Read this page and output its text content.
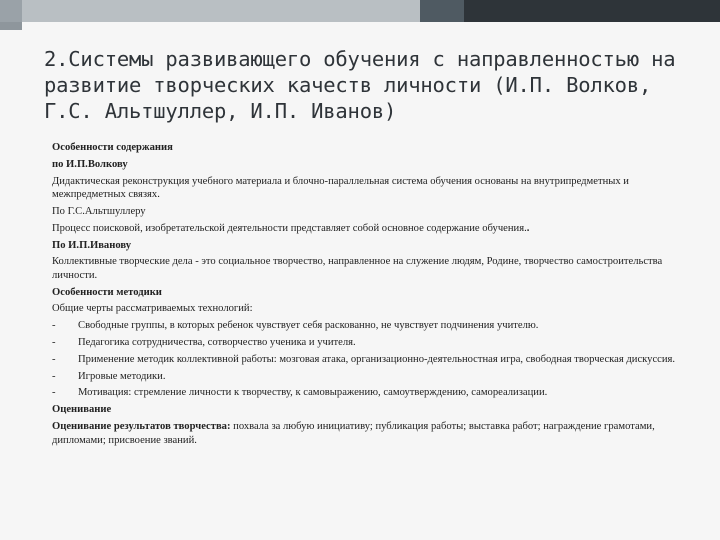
2.Системы развивающего обучения с направленностью на развитие творческих качеств личности (И.П. Волков, Г.С. Альтшуллер, И.П. Иванов)
Особенности содержания
по И.П.Волкову
Дидактическая реконструкция учебного материала и блочно-параллельная система обучения основаны на внутрипредметных и межпредметных связях.
По Г.С.Альтшуллеру
Процесс поисковой, изобретательской деятельности представляет собой основное содержание обучения..
По И.П.Иванову
Коллективные творческие дела - это социальное творчество, направленное на служение людям, Родине, творчество самостроительства личности.
Особенности методики
Общие черты рассматриваемых технологий:
- Свободные группы, в которых ребенок чувствует себя раскованно, не чувствует подчинения учителю.
- Педагогика сотрудничества, сотворчество ученика и учителя.
- Применение методик коллективной работы: мозговая атака, организационно-деятельностная игра, свободная творческая дискуссия.
- Игровые методики.
- Мотивация: стремление личности к творчеству, к самовыражению, самоутверждению, самореализации.
Оценивание
Оценивание результатов творчества: похвала за любую инициативу; публикация работы; выставка работ; награждение грамотами, дипломами; присвоение званий.
